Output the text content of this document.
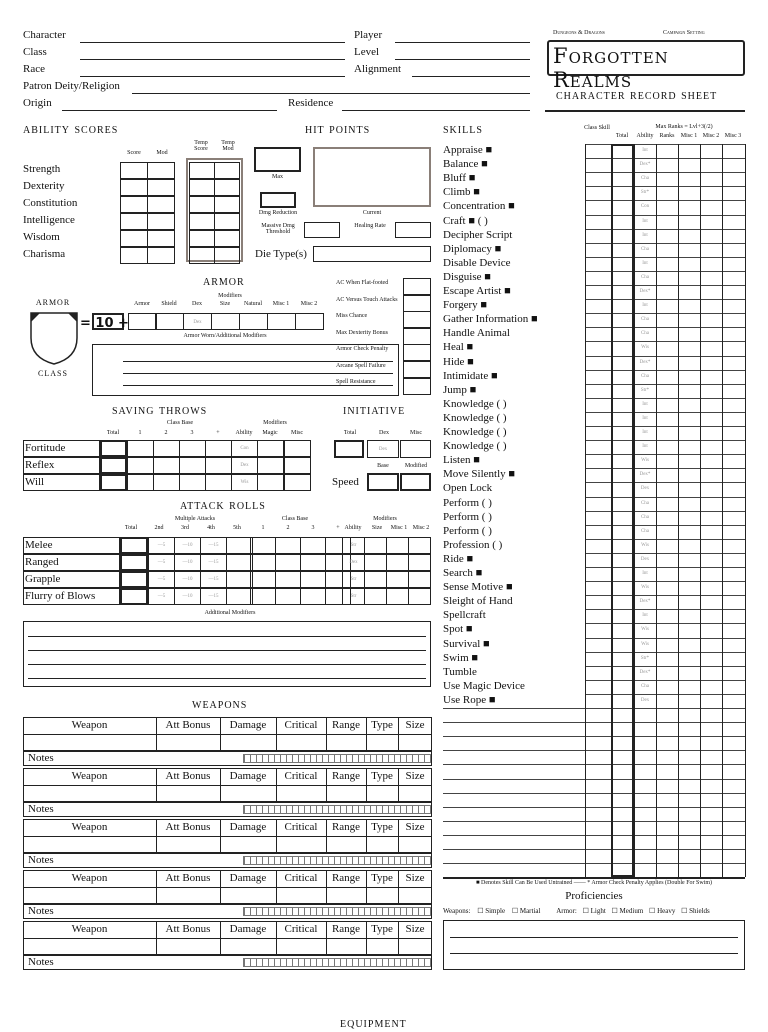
Character	Player
Class	Level
Race	Alignment
Patron Deity/Religion
Origin	Residence
Dungeons & Dragons	Campaign Setting
Forgotten Realms
character record sheet
ability scores
Score	Mod
Temp Score
Temp Mod
Strength
Dexterity
Constitution
Intelligence
Wisdom
Charisma
hit points
Max
Current
Dmg Reduction
Massive Dmg Threshold
Healing Rate
Die Type(s)
armor
Modifiers
Armor	Shield	Dex
Dex
Size	Natural	Misc 1	Misc 2
armor
class
= 10 +
Armor Worn/Additional Modifiers
AC When Flat-footed
AC Versus Touch Attacks
Miss Chance
Max Dexterity Bonus
Armor Check Penalty
Arcane Spell Failure
Spell Resistance
saving throws
Class Base	Modifiers
Total	1	2	3	+	Ability	Magic	Misc
Fortitude	Con
Reflex	Dex
Will	Wis
initiative
Total	Dex	Misc
Dex
Base	Modified
Speed
attack rolls
Multiple Attacks	Class Base	Modifiers
Total	2nd	3rd	4th	5th	1	2	3	+ Ability	Size	Misc 1 Misc 2
Melee	—5	—10	—15	Str
Ranged	—5	—10	—15	Dex
Grapple	—5	—10	—15	Str
Flurry of Blows	—5	—10	—15	Str
Additional Modifiers
weapons
Weapon	Att Bonus	Damage	Critical	Range	Type	Size
Notes
Weapon	Att Bonus	Damage	Critical	Range	Type	Size
Notes
Weapon	Att Bonus	Damage	Critical	Range	Type	Size
Notes
Weapon	Att Bonus	Damage	Critical	Range	Type	Size
Notes
Weapon	Att Bonus	Damage	Critical	Range	Type	Size
Notes
skills	Class Skill
Total	Ability
Max Ranks = Lvl+3(/2)
Ranks	Misc 1 Misc 2 Misc 3
Appraise ■	Int
Balance ■	Dex*
Bluff ■	Cha
Climb ■	Str*
Concentration ■	Con
Craft ■ ( )	Int
Decipher Script	Int
Diplomacy ■	Cha
Disable Device	Int
Disguise ■	Cha
Escape Artist ■	Dex*
Forgery ■	Int
Gather Information ■	Cha
Handle Animal	Cha
Heal ■	Wis
Hide ■	Dex*
Intimidate ■	Cha
Jump ■	Str*
Knowledge ( )	Int
Knowledge ( )	Int
Knowledge ( )	Int
Knowledge ( )	Int
Listen ■	Wis
Move Silently ■	Dex*
Open Lock	Dex
Perform ( )	Cha
Perform ( )	Cha
Perform ( )	Cha
Profession ( )	Wis
Ride ■	Dex
Search ■	Int
Sense Motive ■	Wis
Sleight of Hand	Dex*
Spellcraft	Int
Spot ■	Wis
Survival ■	Wis
Swim ■	Str*
Tumble	Dex*
Use Magic Device	Cha
Use Rope ■	Dex
■ Denotes Skill Can Be Used Untrained —— * Armor Check Penalty Applies (Double For Swim)
Proficiencies
Weapons: ☐ Simple ☐ Martial Armor: ☐ Light ☐ Medium ☐ Heavy ☐ Shields
equipment
